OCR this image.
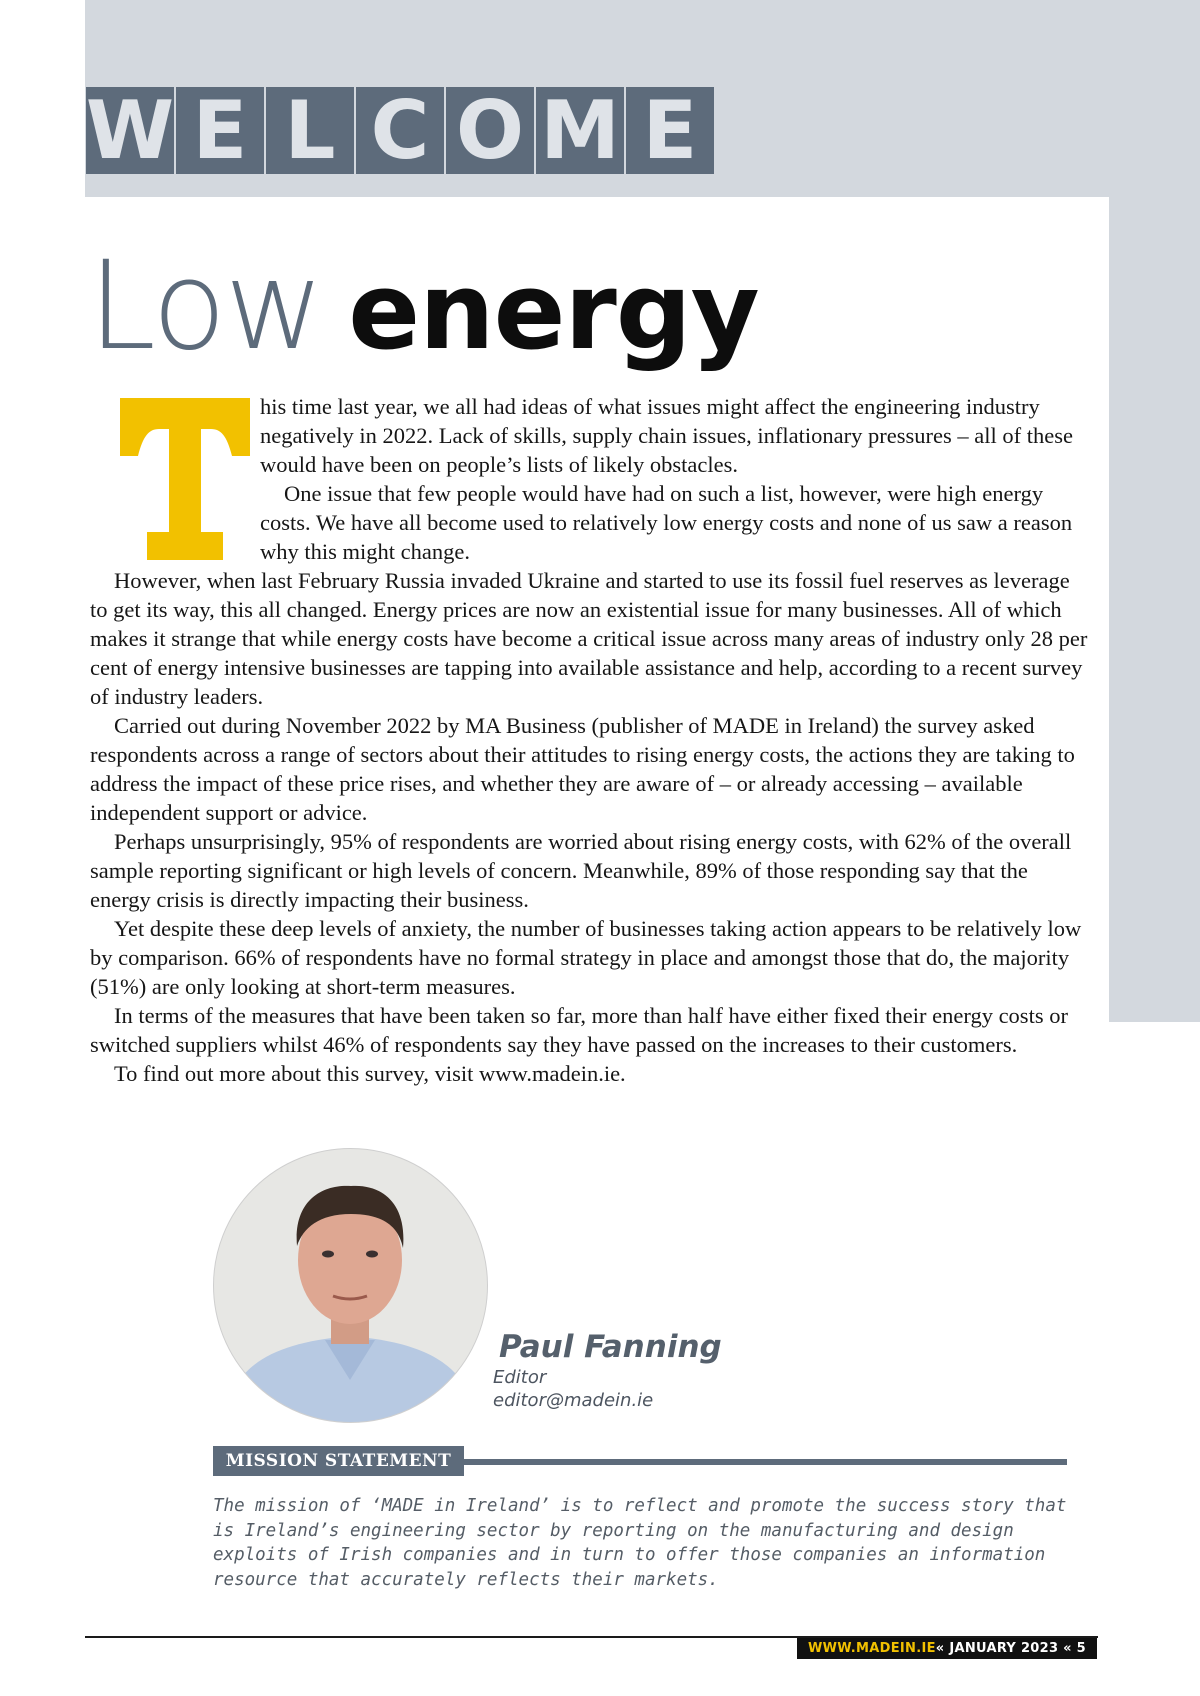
W E L C O M E
Low energy

his time last year, we all had ideas of what issues might affect the engineering industry negatively in 2022. Lack of skills, supply chain issues, inflationary pressures – all of these would have been on people’s lists of likely obstacles.

One issue that few people would have had on such a list, however, were high energy costs. We have all become used to relatively low energy costs and none of us saw a reason why this might change.

However, when last February Russia invaded Ukraine and started to use its fossil fuel reserves as leverage to get its way, this all changed. Energy prices are now an existential issue for many businesses. All of which makes it strange that while energy costs have become a critical issue across many areas of industry only 28 per cent of energy intensive businesses are tapping into available assistance and help, according to a recent survey of industry leaders.

Carried out during November 2022 by MA Business (publisher of MADE in Ireland) the survey asked respondents across a range of sectors about their attitudes to rising energy costs, the actions they are taking to address the impact of these price rises, and whether they are aware of – or already accessing – available independent support or advice.

Perhaps unsurprisingly, 95% of respondents are worried about rising energy costs, with 62% of the overall sample reporting significant or high levels of concern. Meanwhile, 89% of those responding say that the energy crisis is directly impacting their business.

Yet despite these deep levels of anxiety, the number of businesses taking action appears to be relatively low by comparison. 66% of respondents have no formal strategy in place and amongst those that do, the majority (51%) are only looking at short-term measures.

In terms of the measures that have been taken so far, more than half have either fixed their energy costs or switched suppliers whilst 46% of respondents say they have passed on the increases to their customers.

To find out more about this survey, visit www.madein.ie.

Paul Fanning
Editor
editor@madein.ie
MISSION STATEMENT

The mission of ‘MADE in Ireland’ is to reflect and promote the success story that is Ireland’s engineering sector by reporting on the manufacturing and design exploits of Irish companies and in turn to offer those companies an information resource that accurately reflects their markets.

WWW.MADEIN.IE « JANUARY 2023 « 5
